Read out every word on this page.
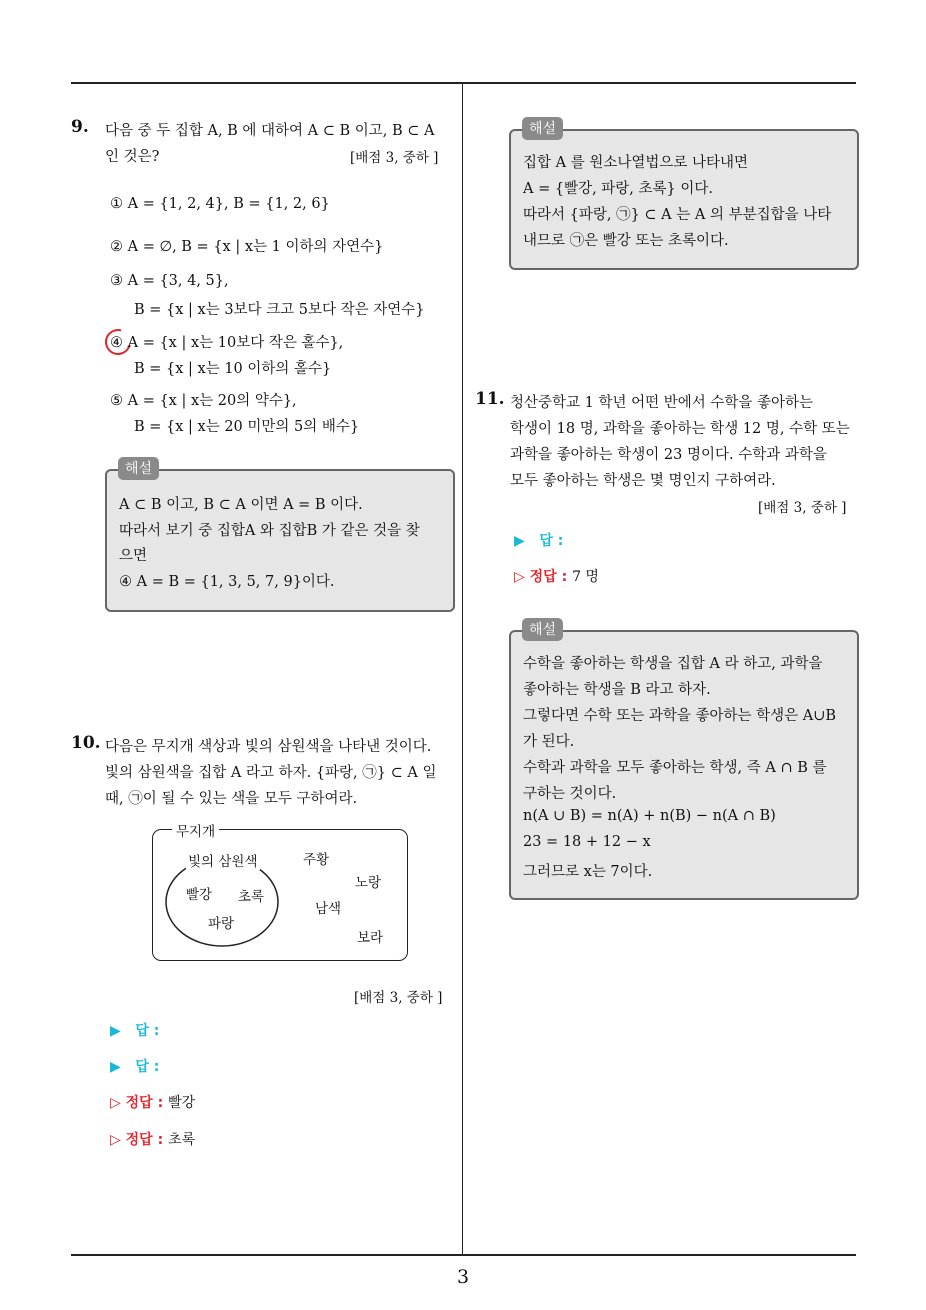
9. 다음 중 두 집합 A, B 에 대하여 A ⊂ B 이고, B ⊂ A
인 것은?	[배점 3, 중하 ]
① A = {1, 2, 4}, B = {1, 2, 6}
② A = ∅, B = {x | x는 1 이하의 자연수}
③ A = {3, 4, 5},
B = {x | x는 3보다 크고 5보다 작은 자연수}
④ A = {x | x는 10보다 작은 홀수},
B = {x | x는 10 이하의 홀수}
⑤ A = {x | x는 20의 약수},
B = {x | x는 20 미만의 5의 배수}
A ⊂ B 이고, B ⊂ A 이면 A = B 이다.
따라서 보기 중 집합A 와 집합B 가 같은 것을 찾
으면
④ A = B = {1, 3, 5, 7, 9}이다.
해설
10. 다음은 무지개 색상과 빛의 삼원색을 나타낸 것이다.
빛의 삼원색을 집합 A 라고 하자. {파랑, ㉠} ⊂ A 일
때, ㉠이 될 수 있는 색을 모두 구하여라.
무지개
빛의 삼원색
빨강 초록
파랑
주황
노랑
남색
보라
[배점 3, 중하 ]
▶ 답 :
▶ 답 :
▷ 정답 : 빨강
▷ 정답 : 초록
집합 A 를 원소나열법으로 나타내면
A = {빨강, 파랑, 초록} 이다.
따라서 {파랑, ㉠} ⊂ A 는 A 의 부분집합을 나타
내므로 ㉠은 빨강 또는 초록이다.
해설
11. 청산중학교 1 학년 어떤 반에서 수학을 좋아하는
학생이 18 명, 과학을 좋아하는 학생 12 명, 수학 또는
과학을 좋아하는 학생이 23 명이다. 수학과 과학을
모두 좋아하는 학생은 몇 명인지 구하여라.
[배점 3, 중하 ]
▶ 답 :
▷ 정답 : 7 명
수학을 좋아하는 학생을 집합 A 라 하고, 과학을
좋아하는 학생을 B 라고 하자.
그렇다면 수학 또는 과학을 좋아하는 학생은 A∪B
가 된다.
수학과 과학을 모두 좋아하는 학생, 즉 A ∩ B 를
구하는 것이다.
n(A ∪ B) = n(A) + n(B) − n(A ∩ B)
23 = 18 + 12 − x
그러므로 x는 7이다.
해설
3
